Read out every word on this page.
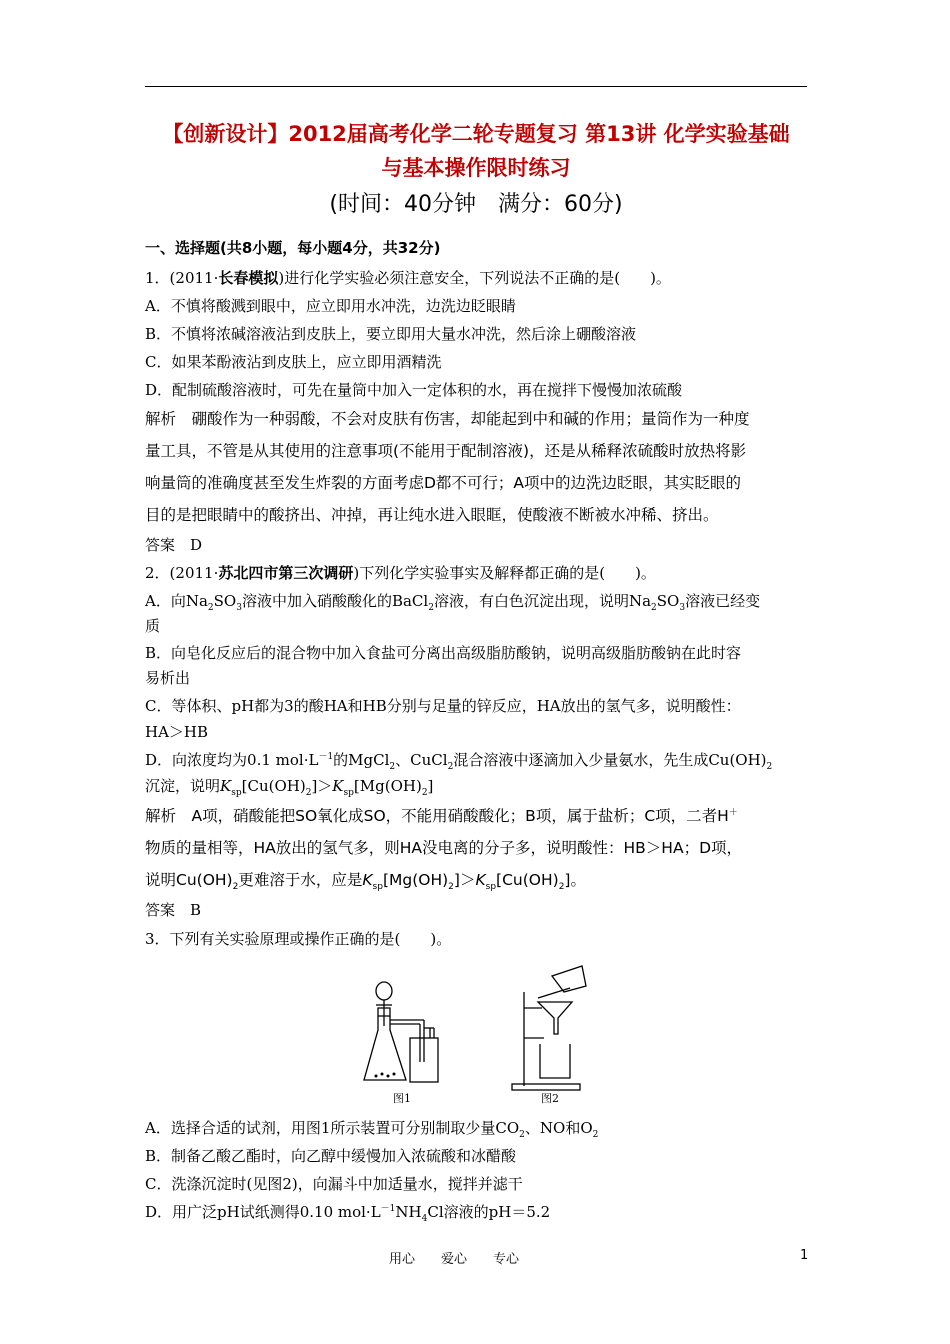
【创新设计】2012届高考化学二轮专题复习 第13讲 化学实验基础
与基本操作限时练习
(时间：40分钟　满分：60分)
一、选择题(共8小题，每小题4分，共32分)
1．(2011·长春模拟)进行化学实验必须注意安全，下列说法不正确的是(　　)。
A．不慎将酸溅到眼中，应立即用水冲洗，边洗边眨眼睛
B．不慎将浓碱溶液沾到皮肤上，要立即用大量水冲洗，然后涂上硼酸溶液
C．如果苯酚液沾到皮肤上，应立即用酒精洗
D．配制硫酸溶液时，可先在量筒中加入一定体积的水，再在搅拌下慢慢加浓硫酸
解析　硼酸作为一种弱酸，不会对皮肤有伤害，却能起到中和碱的作用；量筒作为一种度
量工具，不管是从其使用的注意事项(不能用于配制溶液)，还是从稀释浓硫酸时放热将影
响量筒的准确度甚至发生炸裂的方面考虑D都不可行；A项中的边洗边眨眼，其实眨眼的
目的是把眼睛中的酸挤出、冲掉，再让纯水进入眼眶，使酸液不断被水冲稀、挤出。
答案　D
2．(2011·苏北四市第三次调研)下列化学实验事实及解释都正确的是(　　)。
A．向$Na_2SO_3$溶液中加入硝酸酸化的BaCl$_2$溶液，有白色沉淀出现，说明$Na_2SO_3$溶液已经变
质
B．向皂化反应后的混合物中加入食盐可分离出高级脂肪酸钠，说明高级脂肪酸钠在此时容
易析出
C．等体积、pH都为3的酸HA和HB分别与足量的锌反应，HA放出的氢气多，说明酸性：
HA＞HB
D．向浓度均为0.1 $mol\cdot L^{-1}$的MgCl$_2$、CuCl$_2$混合溶液中逐滴加入少量氨水，先生成$Cu(OH)_2$
沉淀，说明$K_{sp}[Cu(OH)_2]>K_{sp}[Mg(OH)_2]$
解析　A项，硝酸能把SO氧化成SO，不能用硝酸酸化；B项，属于盐析；C项，二者H＋
物质的量相等，HA放出的氢气多，则HA没电离的分子多，说明酸性：HB＞HA；D项，
说明$Cu(OH)_2$更难溶于水，应是$K_{sp}[Mg(OH)_2]>K_{sp}[Cu(OH)_2]$。
答案　B
3．下列有关实验原理或操作正确的是(　　)。
图1	图2
A．选择合适的试剂，用图1所示装置可分别制取少量$CO_2$、NO和$O_2$
B．制备乙酸乙酯时，向乙醇中缓慢加入浓硫酸和冰醋酸
C．洗涤沉淀时(见图2)，向漏斗中加适量水，搅拌并滤干
D．用广泛pH试纸测得0.10 $mol\cdot L^{-1}NH_4Cl$溶液的pH＝5.2
用心　　爱心　　专心	1
